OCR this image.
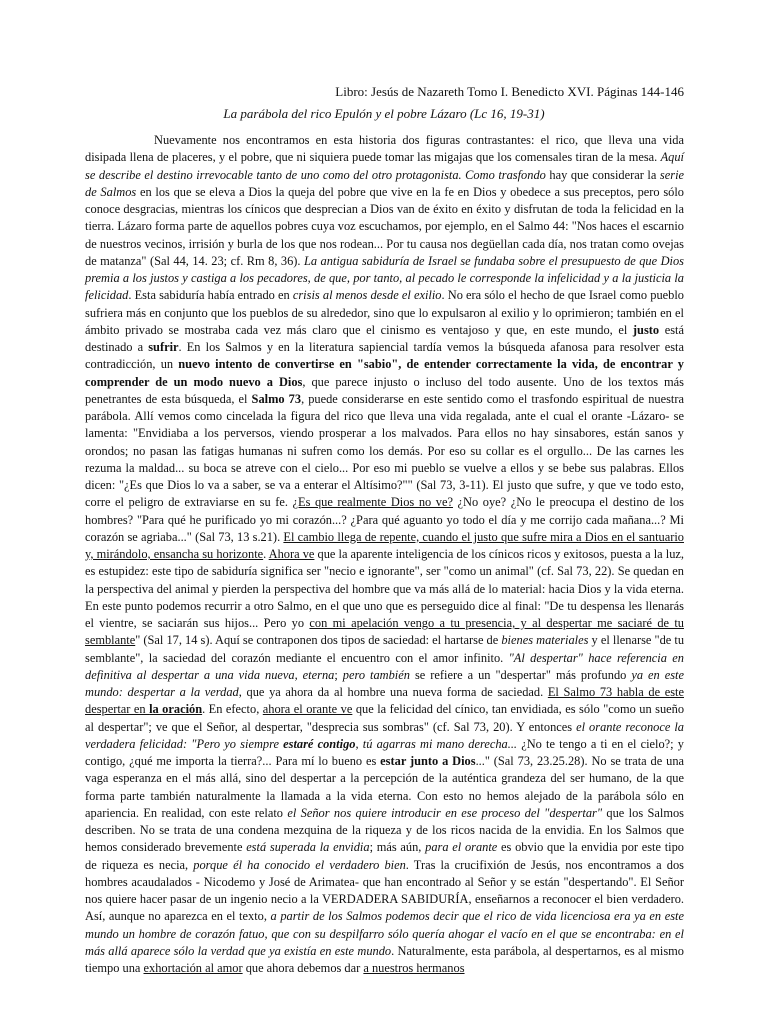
Libro: Jesús de Nazareth Tomo I. Benedicto XVI. Páginas 144-146
La parábola del rico Epulón y el pobre Lázaro (Lc 16, 19-31)

Nuevamente nos encontramos en esta historia dos figuras contrastantes: el rico, que lleva una vida disipada llena de placeres, y el pobre, que ni siquiera puede tomar las migajas que los comensales tiran de la mesa. Aquí se describe el destino irrevocable tanto de uno como del otro protagonista. Como trasfondo hay que considerar la serie de Salmos en los que se eleva a Dios la queja del pobre que vive en la fe en Dios y obedece a sus preceptos, pero sólo conoce desgracias, mientras los cínicos que desprecian a Dios van de éxito en éxito y disfrutan de toda la felicidad en la tierra. Lázaro forma parte de aquellos pobres cuya voz escuchamos, por ejemplo, en el Salmo 44: "Nos haces el escarnio de nuestros vecinos, irrisión y burla de los que nos rodean... Por tu causa nos degüellan cada día, nos tratan como ovejas de matanza" (Sal 44, 14. 23; cf. Rm 8, 36). La antigua sabiduría de Israel se fundaba sobre el presupuesto de que Dios premia a los justos y castiga a los pecadores, de que, por tanto, al pecado le corresponde la infelicidad y a la justicia la felicidad. Esta sabiduría había entrado en crisis al menos desde el exilio. No era sólo el hecho de que Israel como pueblo sufriera más en conjunto que los pueblos de su alrededor, sino que lo expulsaron al exilio y lo oprimieron; también en el ámbito privado se mostraba cada vez más claro que el cinismo es ventajoso y que, en este mundo, el justo está destinado a sufrir. En los Salmos y en la literatura sapiencial tardía vemos la búsqueda afanosa para resolver esta contradicción, un nuevo intento de convertirse en "sabio", de entender correctamente la vida, de encontrar y comprender de un modo nuevo a Dios, que parece injusto o incluso del todo ausente. Uno de los textos más penetrantes de esta búsqueda, el Salmo 73, puede considerarse en este sentido como el trasfondo espiritual de nuestra parábola. Allí vemos como cincelada la figura del rico que lleva una vida regalada, ante el cual el orante -Lázaro- se lamenta: "Envidiaba a los perversos, viendo prosperar a los malvados. Para ellos no hay sinsabores, están sanos y orondos; no pasan las fatigas humanas ni sufren como los demás. Por eso su collar es el orgullo... De las carnes les rezuma la maldad... su boca se atreve con el cielo... Por eso mi pueblo se vuelve a ellos y se bebe sus palabras. Ellos dicen: "¿Es que Dios lo va a saber, se va a enterar el Altísimo?"" (Sal 73, 3-11). El justo que sufre, y que ve todo esto, corre el peligro de extraviarse en su fe. ¿Es que realmente Dios no ve? ¿No oye? ¿No le preocupa el destino de los hombres? "Para qué he purificado yo mi corazón...? ¿Para qué aguanto yo todo el día y me corrijo cada mañana...? Mi corazón se agriaba..." (Sal 73, 13 s.21). El cambio llega de repente, cuando el justo que sufre mira a Dios en el santuario y, mirándolo, ensancha su horizonte. Ahora ve que la aparente inteligencia de los cínicos ricos y exitosos, puesta a la luz, es estupidez: este tipo de sabiduría significa ser "necio e ignorante", ser "como un animal" (cf. Sal 73, 22). Se quedan en la perspectiva del animal y pierden la perspectiva del hombre que va más allá de lo material: hacia Dios y la vida eterna. En este punto podemos recurrir a otro Salmo, en el que uno que es perseguido dice al final: "De tu despensa les llenarás el vientre, se saciarán sus hijos... Pero yo con mi apelación vengo a tu presencia, y al despertar me saciaré de tu semblante" (Sal 17, 14 s). Aquí se contraponen dos tipos de saciedad: el hartarse de bienes materiales y el llenarse "de tu semblante", la saciedad del corazón mediante el encuentro con el amor infinito. "Al despertar" hace referencia en definitiva al despertar a una vida nueva, eterna; pero también se refiere a un "despertar" más profundo ya en este mundo: despertar a la verdad, que ya ahora da al hombre una nueva forma de saciedad. El Salmo 73 habla de este despertar en la oración. En efecto, ahora el orante ve que la felicidad del cínico, tan envidiada, es sólo "como un sueño al despertar"; ve que el Señor, al despertar, "desprecia sus sombras" (cf. Sal 73, 20). Y entonces el orante reconoce la verdadera felicidad: "Pero yo siempre estaré contigo, tú agarras mi mano derecha... ¿No te tengo a ti en el cielo?; y contigo, ¿qué me importa la tierra?... Para mí lo bueno es estar junto a Dios..." (Sal 73, 23.25.28). No se trata de una vaga esperanza en el más allá, sino del despertar a la percepción de la auténtica grandeza del ser humano, de la que forma parte también naturalmente la llamada a la vida eterna. Con esto no hemos alejado de la parábola sólo en apariencia. En realidad, con este relato el Señor nos quiere introducir en ese proceso del "despertar" que los Salmos describen. No se trata de una condena mezquina de la riqueza y de los ricos nacida de la envidia. En los Salmos que hemos considerado brevemente está superada la envidia; más aún, para el orante es obvio que la envidia por este tipo de riqueza es necia, porque él ha conocido el verdadero bien. Tras la crucifixión de Jesús, nos encontramos a dos hombres acaudalados - Nicodemo y José de Arimatea- que han encontrado al Señor y se están "despertando". El Señor nos quiere hacer pasar de un ingenio necio a la VERDADERA SABIDURÍA, enseñarnos a reconocer el bien verdadero. Así, aunque no aparezca en el texto, a partir de los Salmos podemos decir que el rico de vida licenciosa era ya en este mundo un hombre de corazón fatuo, que con su despilfarro sólo quería ahogar el vacío en el que se encontraba: en el más allá aparece sólo la verdad que ya existía en este mundo. Naturalmente, esta parábola, al despertarnos, es al mismo tiempo una exhortación al amor que ahora debemos dar a nuestros hermanos
